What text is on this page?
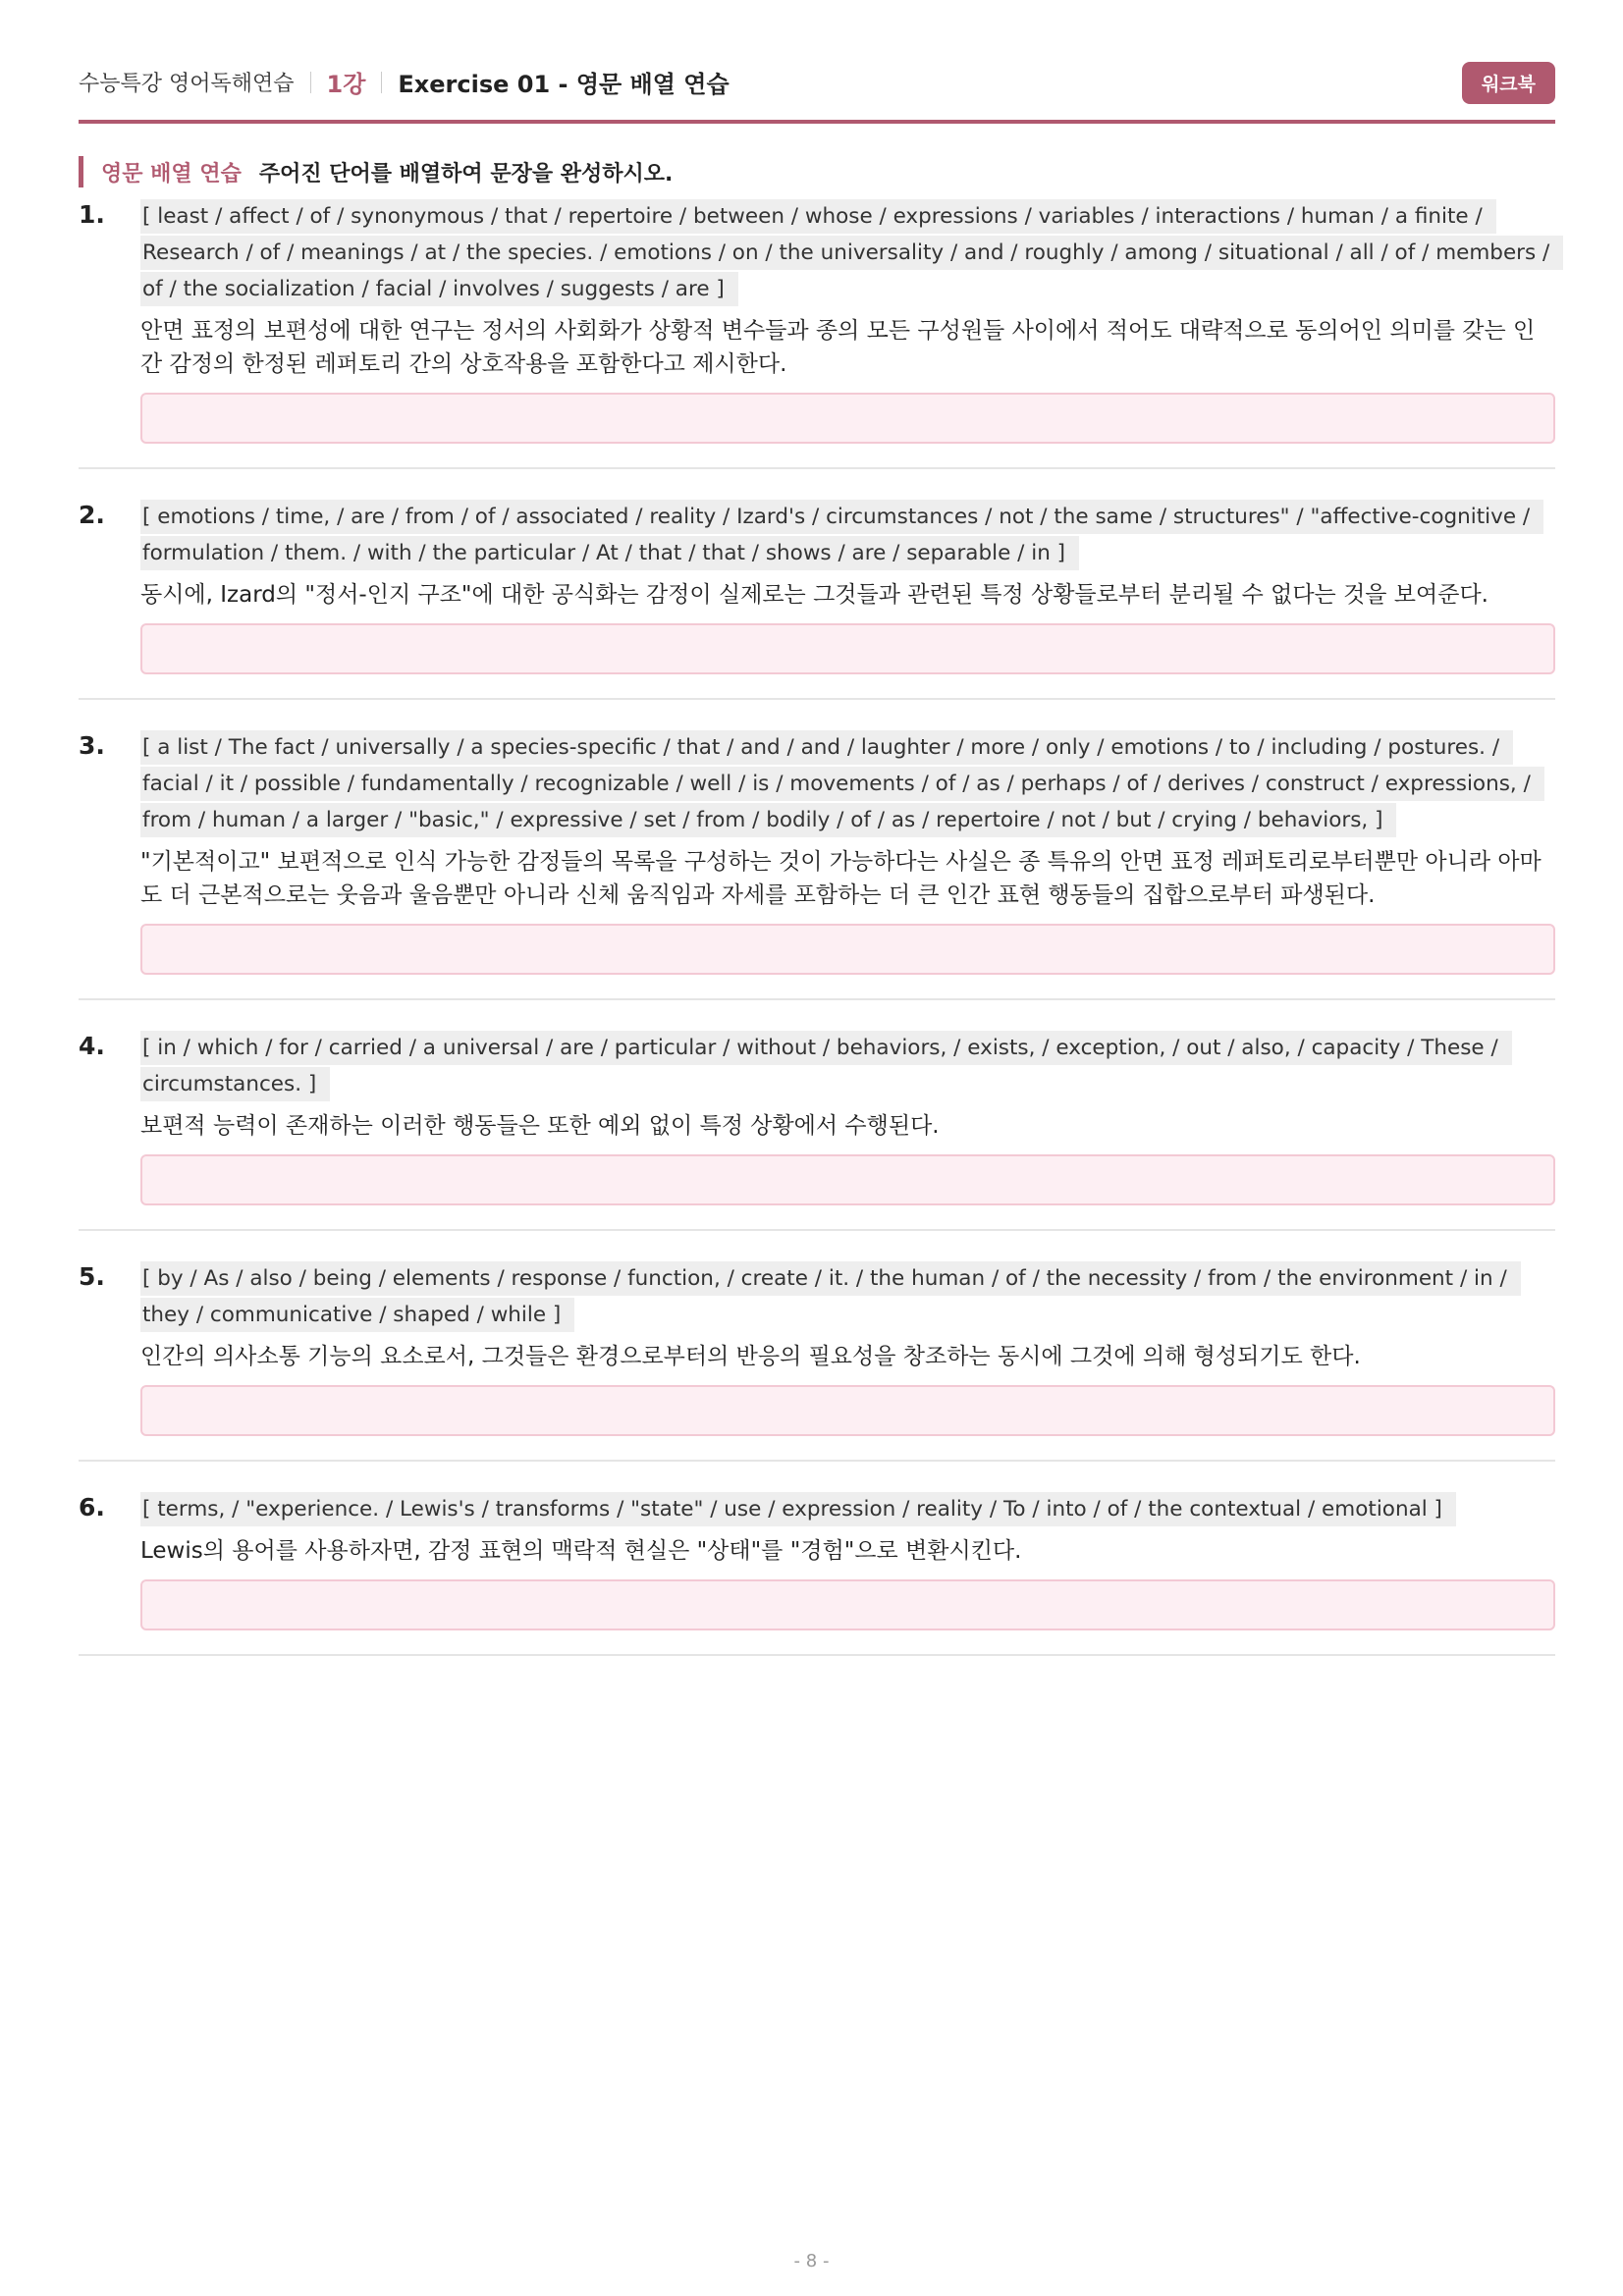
수능특강 영어독해연습 1강 Exercise 01 - 영문 배열 연습	워크북
영문 배열 연습 주어진 단어를 배열하여 문장을 완성하시오.
1. [ least / affect / of / synonymous / that / repertoire / between / whose / expressions / variables / interactions / human / a finite / Research / of / meanings / at / the species. / emotions / on / the universality / and / roughly / among / situational / all / of / members / of / the socialization / facial / involves / suggests / are ]
안면 표정의 보편성에 대한 연구는 정서의 사회화가 상황적 변수들과 종의 모든 구성원들 사이에서 적어도 대략적으로 동의어인 의미를 갖는 인간 감정의 한정된 레퍼토리 간의 상호작용을 포함한다고 제시한다.
2. [ emotions / time, / are / from / of / associated / reality / Izard's / circumstances / not / the same / structures" / "affective-cognitive / formulation / them. / with / the particular / At / that / that / shows / are / separable / in ]
동시에, Izard의 "정서-인지 구조"에 대한 공식화는 감정이 실제로는 그것들과 관련된 특정 상황들로부터 분리될 수 없다는 것을 보여준다.
3. [ a list / The fact / universally / a species-specific / that / and / and / laughter / more / only / emotions / to / including / postures. / facial / it / possible / fundamentally / recognizable / well / is / movements / of / as / perhaps / of / derives / construct / expressions, / from / human / a larger / "basic," / expressive / set / from / bodily / of / as / repertoire / not / but / crying / behaviors, ]
"기본적이고" 보편적으로 인식 가능한 감정들의 목록을 구성하는 것이 가능하다는 사실은 종 특유의 안면 표정 레퍼토리로부터뿐만 아니라 아마도 더 근본적으로는 웃음과 울음뿐만 아니라 신체 움직임과 자세를 포함하는 더 큰 인간 표현 행동들의 집합으로부터 파생된다.
4. [ in / which / for / carried / a universal / are / particular / without / behaviors, / exists, / exception, / out / also, / capacity / These / circumstances. ]
보편적 능력이 존재하는 이러한 행동들은 또한 예외 없이 특정 상황에서 수행된다.
5. [ by / As / also / being / elements / response / function, / create / it. / the human / of / the necessity / from / the environment / in / they / communicative / shaped / while ]
인간의 의사소통 기능의 요소로서, 그것들은 환경으로부터의 반응의 필요성을 창조하는 동시에 그것에 의해 형성되기도 한다.
6. [ terms, / "experience. / Lewis's / transforms / "state" / use / expression / reality / To / into / of / the contextual / emotional ]
Lewis의 용어를 사용하자면, 감정 표현의 맥락적 현실은 "상태"를 "경험"으로 변환시킨다.
- 8 -
